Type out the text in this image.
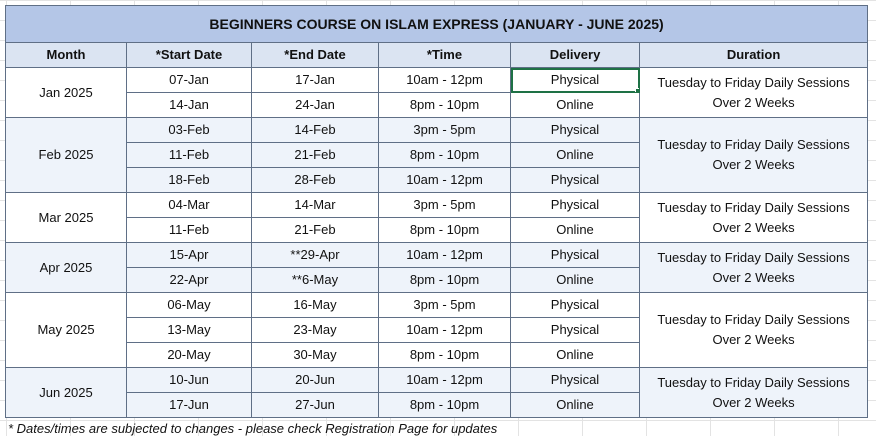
BEGINNERS COURSE ON ISLAM EXPRESS (JANUARY - JUNE 2025)					
Month	*Start Date	*End Date	*Time	Delivery	Duration
Jan 2025	07-Jan	17-Jan	10am - 12pm	Physical	Tuesday to Friday Daily Sessions
Over 2 Weeks

	14-Jan	24-Jan	8pm - 10pm	Online	
Feb 2025	03-Feb	14-Feb	3pm - 5pm	Physical	Tuesday to Friday Daily Sessions
Over 2 Weeks

	11-Feb	21-Feb	8pm - 10pm	Online	
	18-Feb	28-Feb	10am - 12pm	Physical	
Mar 2025	04-Mar	14-Mar	3pm - 5pm	Physical	Tuesday to Friday Daily Sessions
Over 2 Weeks

	11-Feb	21-Feb	8pm - 10pm	Online	
Apr 2025	15-Apr	**29-Apr	10am - 12pm	Physical	Tuesday to Friday Daily Sessions
Over 2 Weeks

	22-Apr	**6-May	8pm - 10pm	Online	
May 2025	06-May	16-May	3pm - 5pm	Physical	Tuesday to Friday Daily Sessions
Over 2 Weeks

	13-May	23-May	10am - 12pm	Physical	
	20-May	30-May	8pm - 10pm	Online	
Jun 2025	10-Jun	20-Jun	10am - 12pm	Physical	Tuesday to Friday Daily Sessions
Over 2 Weeks

	17-Jun	27-Jun	8pm - 10pm	Online	
* Dates/times are subjected to changes - please check Registration Page for updates
